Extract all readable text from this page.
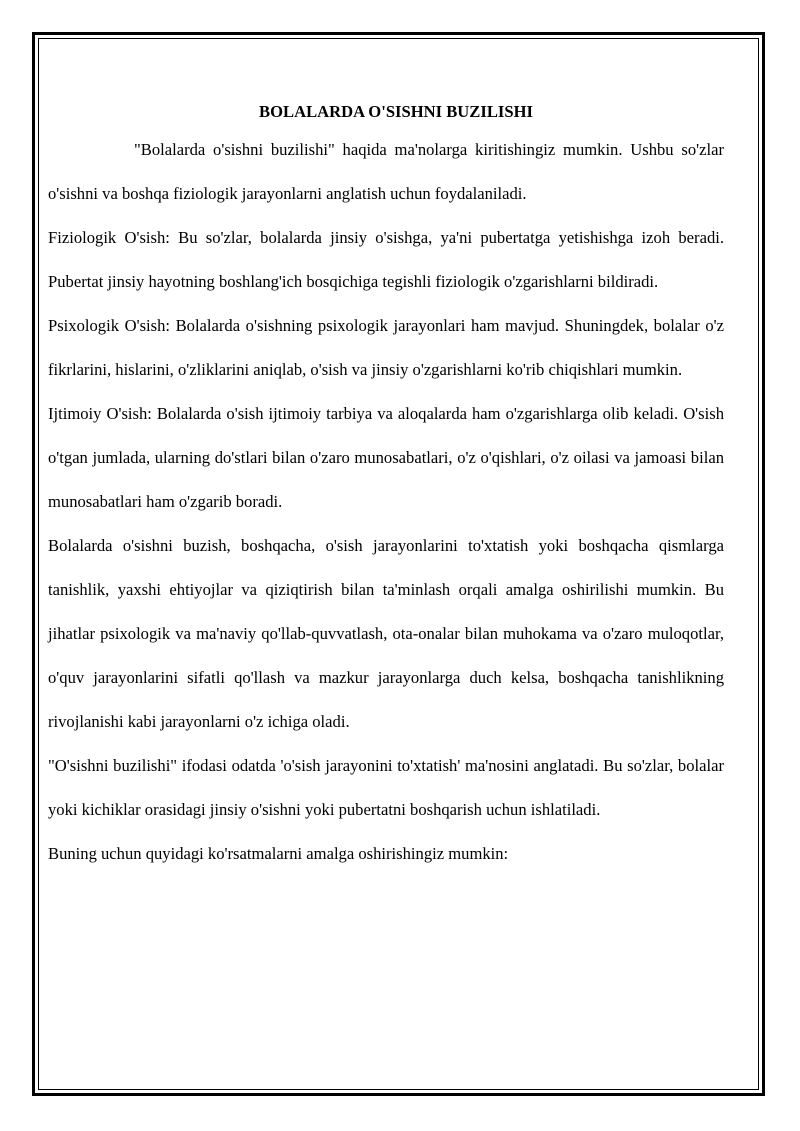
BOLALARDA O'SISHNI BUZILISHI

"Bolalarda o'sishni buzilishi" haqida ma'nolarga kiritishingiz mumkin. Ushbu so'zlar o'sishni va boshqa fiziologik jarayonlarni anglatish uchun foydalaniladi.

Fiziologik O'sish: Bu so'zlar, bolalarda jinsiy o'sishga, ya'ni pubertatga yetishishga izoh beradi. Pubertat jinsiy hayotning boshlang'ich bosqichiga tegishli fiziologik o'zgarishlarni bildiradi.

Psixologik O'sish: Bolalarda o'sishning psixologik jarayonlari ham mavjud. Shuningdek, bolalar o'z fikrlarini, hislarini, o'zliklarini aniqlab, o'sish va jinsiy o'zgarishlarni ko'rib chiqishlari mumkin.

Ijtimoiy O'sish: Bolalarda o'sish ijtimoiy tarbiya va aloqalarda ham o'zgarishlarga olib keladi. O'sish o'tgan jumlada, ularning do'stlari bilan o'zaro munosabatlari, o'z o'qishlari, o'z oilasi va jamoasi bilan munosabatlari ham o'zgarib boradi.

Bolalarda o'sishni buzish, boshqacha, o'sish jarayonlarini to'xtatish yoki boshqacha qismlarga tanishlik, yaxshi ehtiyojlar va qiziqtirish bilan ta'minlash orqali amalga oshirilishi mumkin. Bu jihatlar psixologik va ma'naviy qo'llab-quvvatlash, ota-onalar bilan muhokama va o'zaro muloqotlar, o'quv jarayonlarini sifatli qo'llash va mazkur jarayonlarga duch kelsa, boshqacha tanishlikning rivojlanishi kabi jarayonlarni o'z ichiga oladi.

"O'sishni buzilishi" ifodasi odatda 'o'sish jarayonini to'xtatish' ma'nosini anglatadi. Bu so'zlar, bolalar yoki kichiklar orasidagi jinsiy o'sishni yoki pubertatni boshqarish uchun ishlatiladi.

Buning uchun quyidagi ko'rsatmalarni amalga oshirishingiz mumkin:
